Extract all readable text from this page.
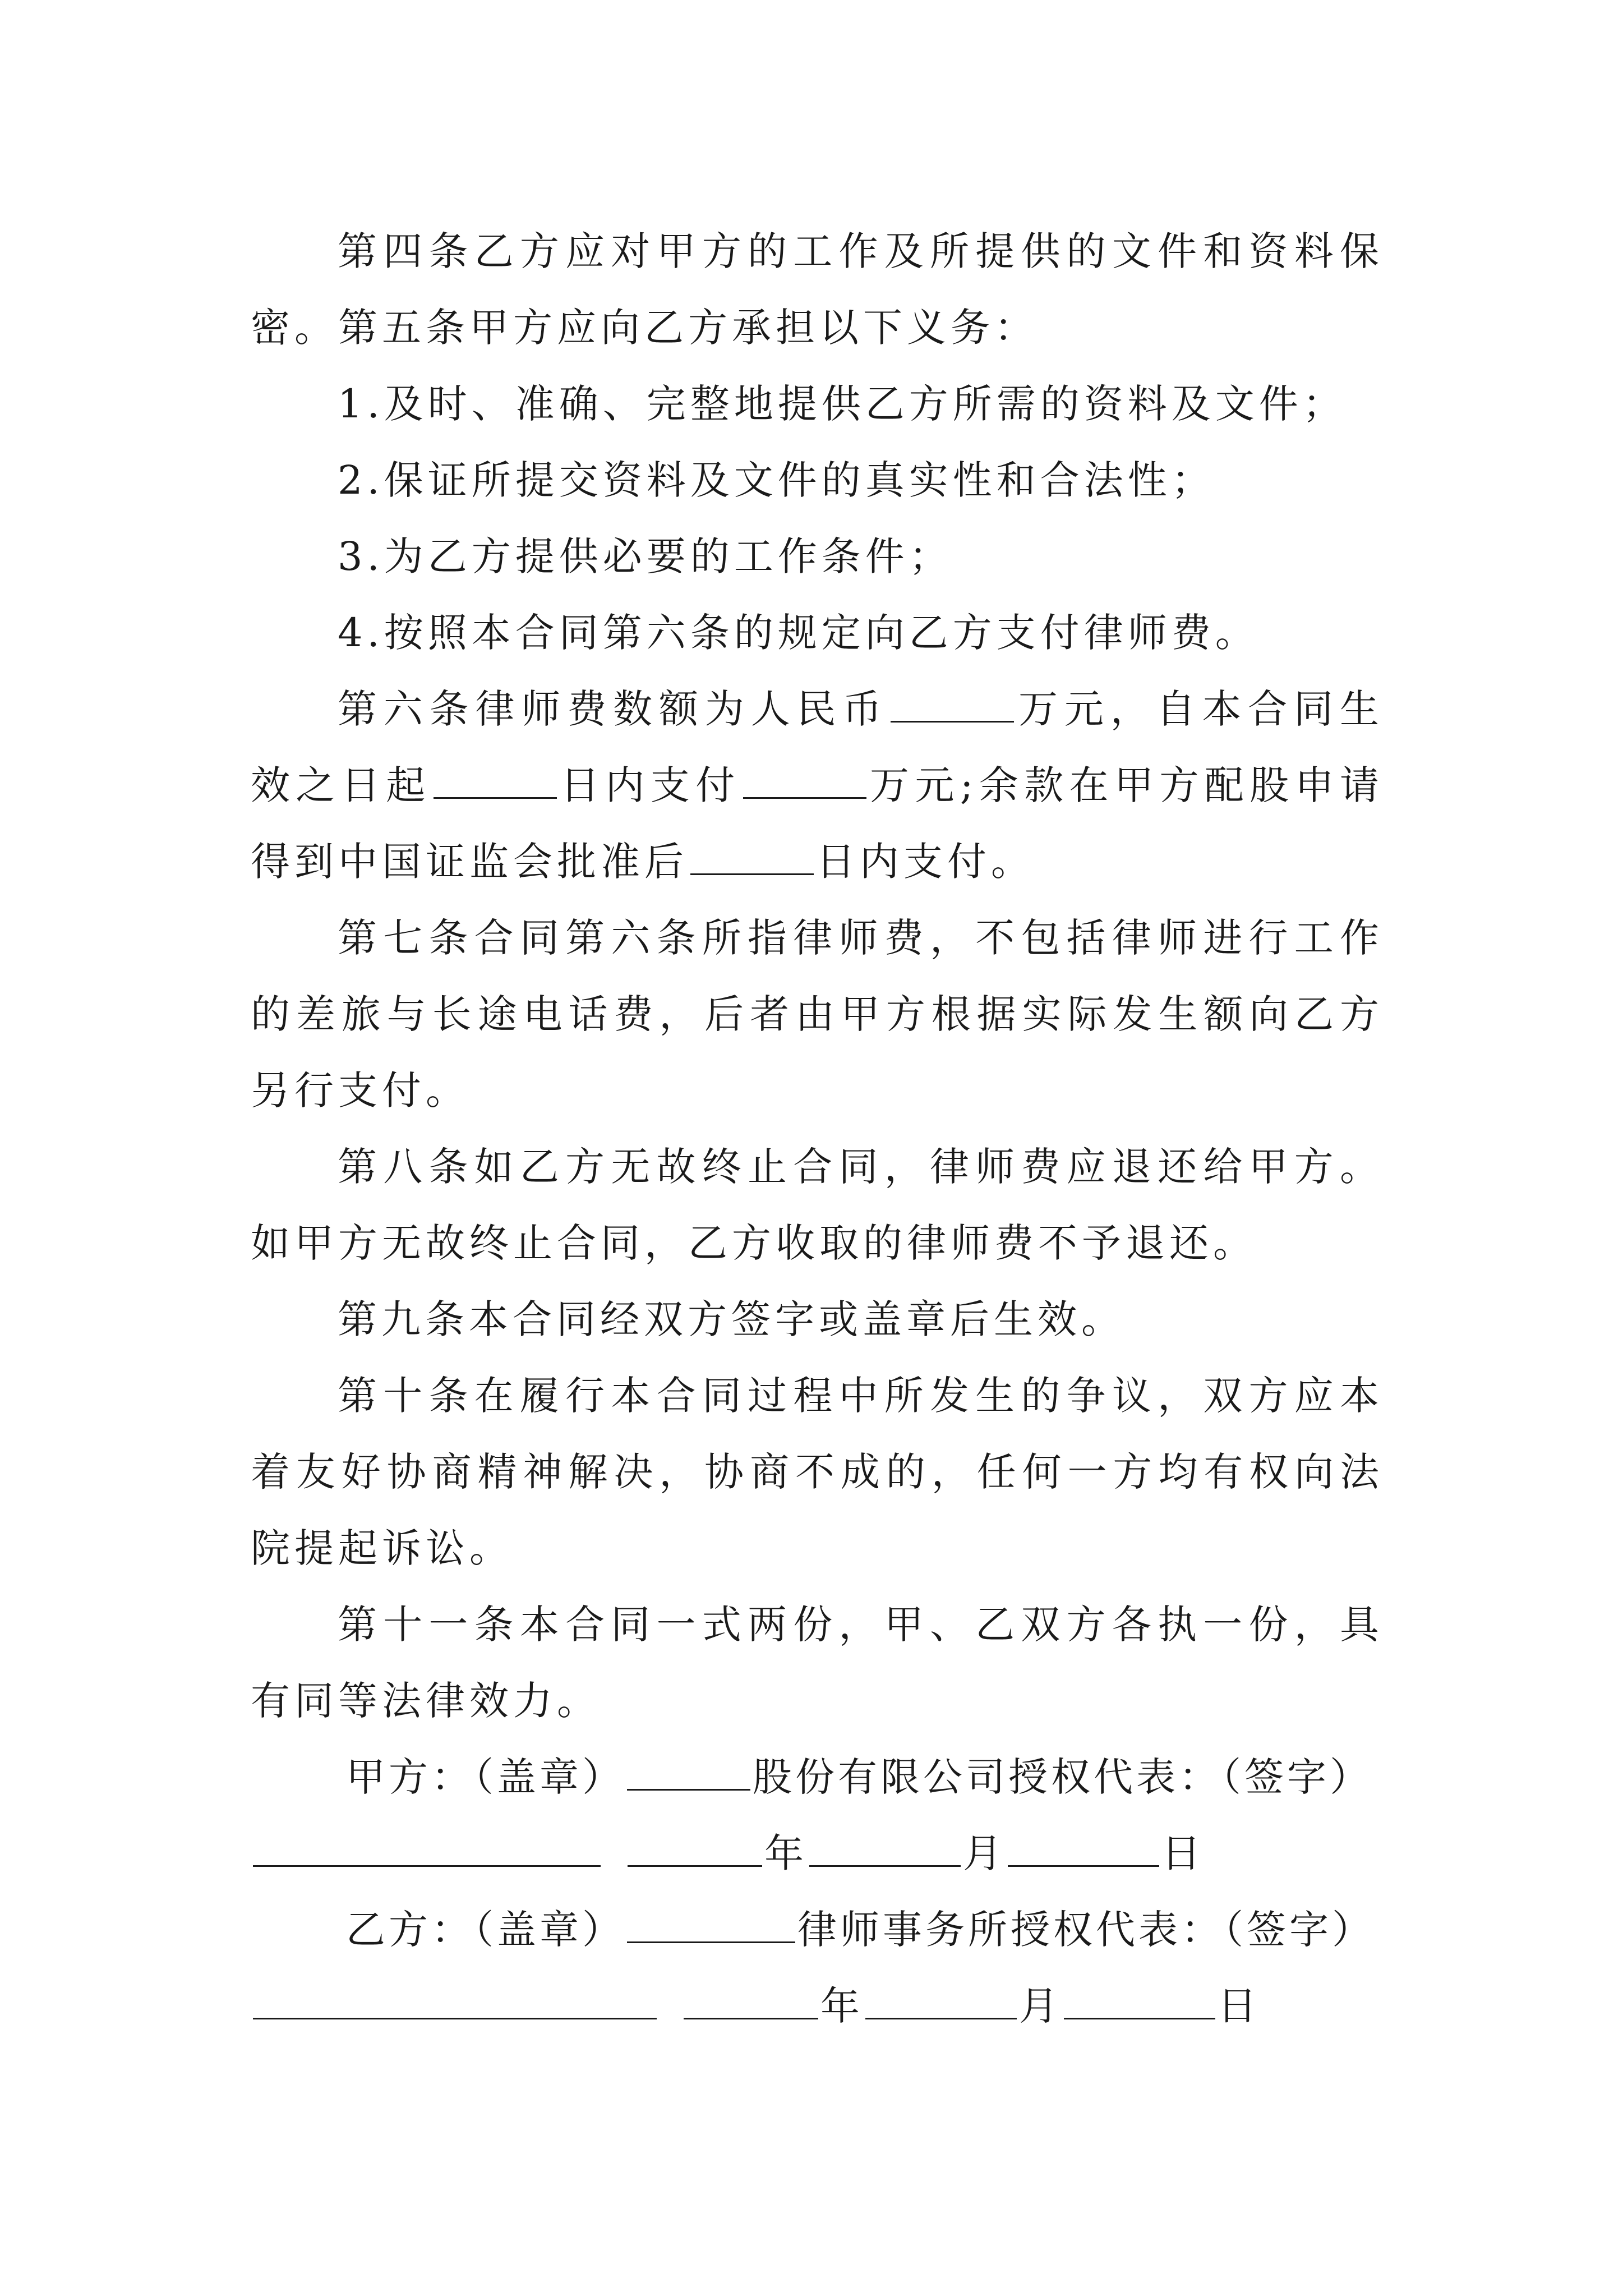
第四条乙方应对甲方的工作及所提供的文件和资料保密。第五条甲方应向乙方承担以下义务：

1.及时、准确、完整地提供乙方所需的资料及文件；

2.保证所提交资料及文件的真实性和合法性；

3.为乙方提供必要的工作条件；

4.按照本合同第六条的规定向乙方支付律师费。

第六条律师费数额为人民币	万元，自本合同生效之日起	日内支付	万元;余款在甲方配股申请得到中国证监会批准后	日内支付。

第七条合同第六条所指律师费，不包括律师进行工作的差旅与长途电话费，后者由甲方根据实际发生额向乙方另行支付。

第八条如乙方无故终止合同，律师费应退还给甲方。如甲方无故终止合同，乙方收取的律师费不予退还。

第九条本合同经双方签字或盖章后生效。

第十条在履行本合同过程中所发生的争议，双方应本着友好协商精神解决，协商不成的，任何一方均有权向法院提起诉讼。

第十一条本合同一式两份，甲、乙双方各执一份，具有同等法律效力。

甲方：（盖章）	股份有限公司授权代表：（签字）年	月	日

乙方：（盖章）	律师事务所授权代表：（签字）年	月	日
